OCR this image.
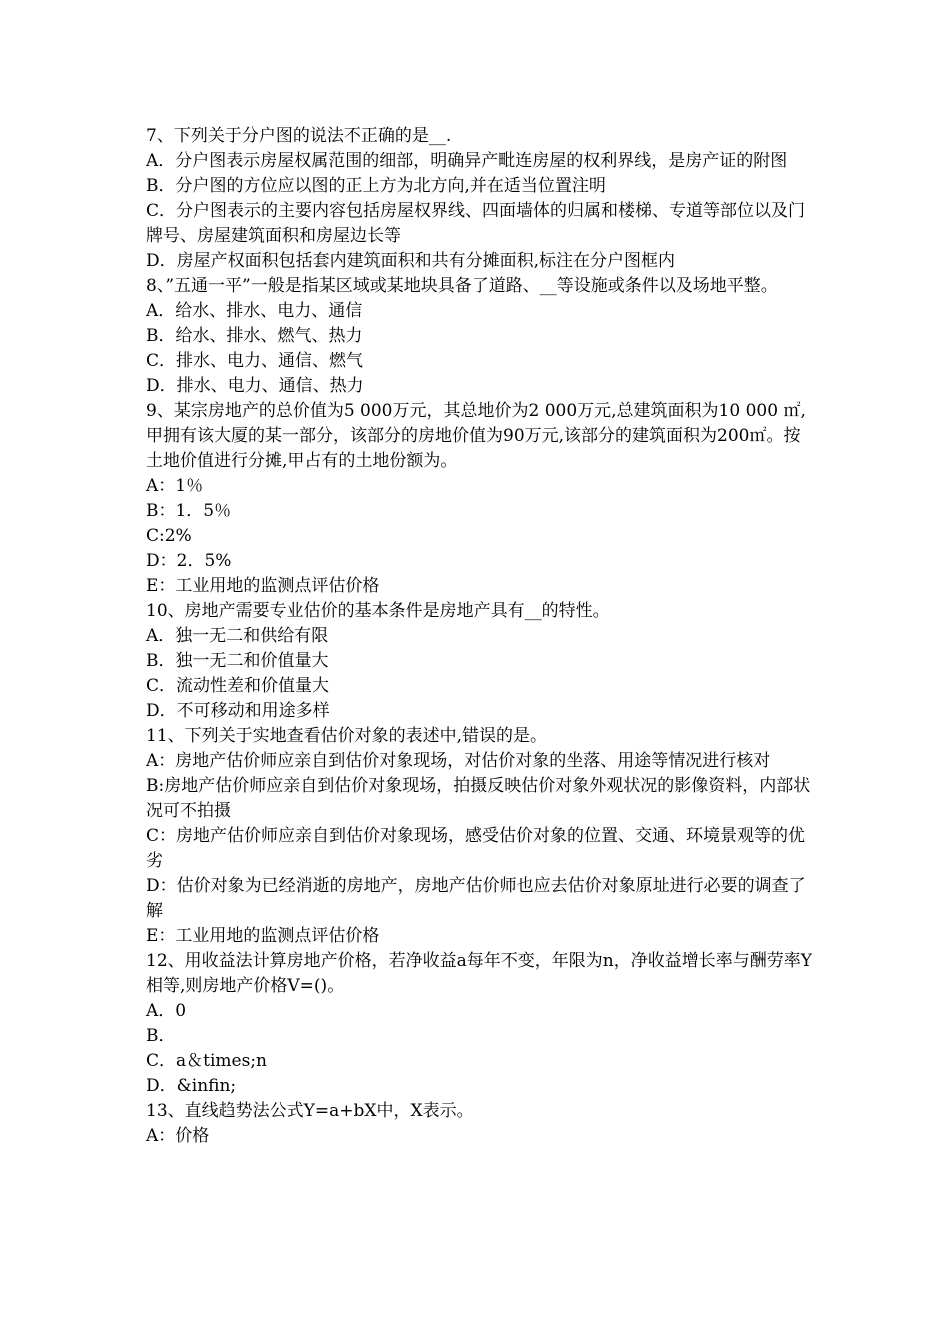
7、下列关于分户图的说法不正确的是__.

A．分户图表示房屋权属范围的细部，明确异产毗连房屋的权利界线，是房产证的附图

B．分户图的方位应以图的正上方为北方向,并在适当位置注明

C．分户图表示的主要内容包括房屋权界线、四面墙体的归属和楼梯、专道等部位以及门牌号、房屋建筑面积和房屋边长等

D．房屋产权面积包括套内建筑面积和共有分摊面积,标注在分户图框内

8、”五通一平”一般是指某区域或某地块具备了道路、__等设施或条件以及场地平整。

A．给水、排水、电力、通信

B．给水、排水、燃气、热力

C．排水、电力、通信、燃气

D．排水、电力、通信、热力

9、某宗房地产的总价值为5 000万元，其总地价为2 000万元,总建筑面积为10 000 ㎡,甲拥有该大厦的某一部分，该部分的房地价值为90万元,该部分的建筑面积为200㎡。按土地价值进行分摊,甲占有的土地份额为。

A：1％

B：1．5％

C:2%

D：2．5%

E：工业用地的监测点评估价格

10、房地产需要专业估价的基本条件是房地产具有__的特性。

A．独一无二和供给有限

B．独一无二和价值量大

C．流动性差和价值量大

D．不可移动和用途多样

11、下列关于实地查看估价对象的表述中,错误的是。

A：房地产估价师应亲自到估价对象现场，对估价对象的坐落、用途等情况进行核对

B:房地产估价师应亲自到估价对象现场，拍摄反映估价对象外观状况的影像资料，内部状况可不拍摄

C：房地产估价师应亲自到估价对象现场，感受估价对象的位置、交通、环境景观等的优劣

D：估价对象为已经消逝的房地产，房地产估价师也应去估价对象原址进行必要的调查了解

E：工业用地的监测点评估价格

12、用收益法计算房地产价格，若净收益a每年不变，年限为n，净收益增长率与酬劳率Y相等,则房地产价格V=()。

A．0

B．

C．a＆times;n

D．&infin;

13、直线趋势法公式Y=a+bX中，X表示。

A：价格
